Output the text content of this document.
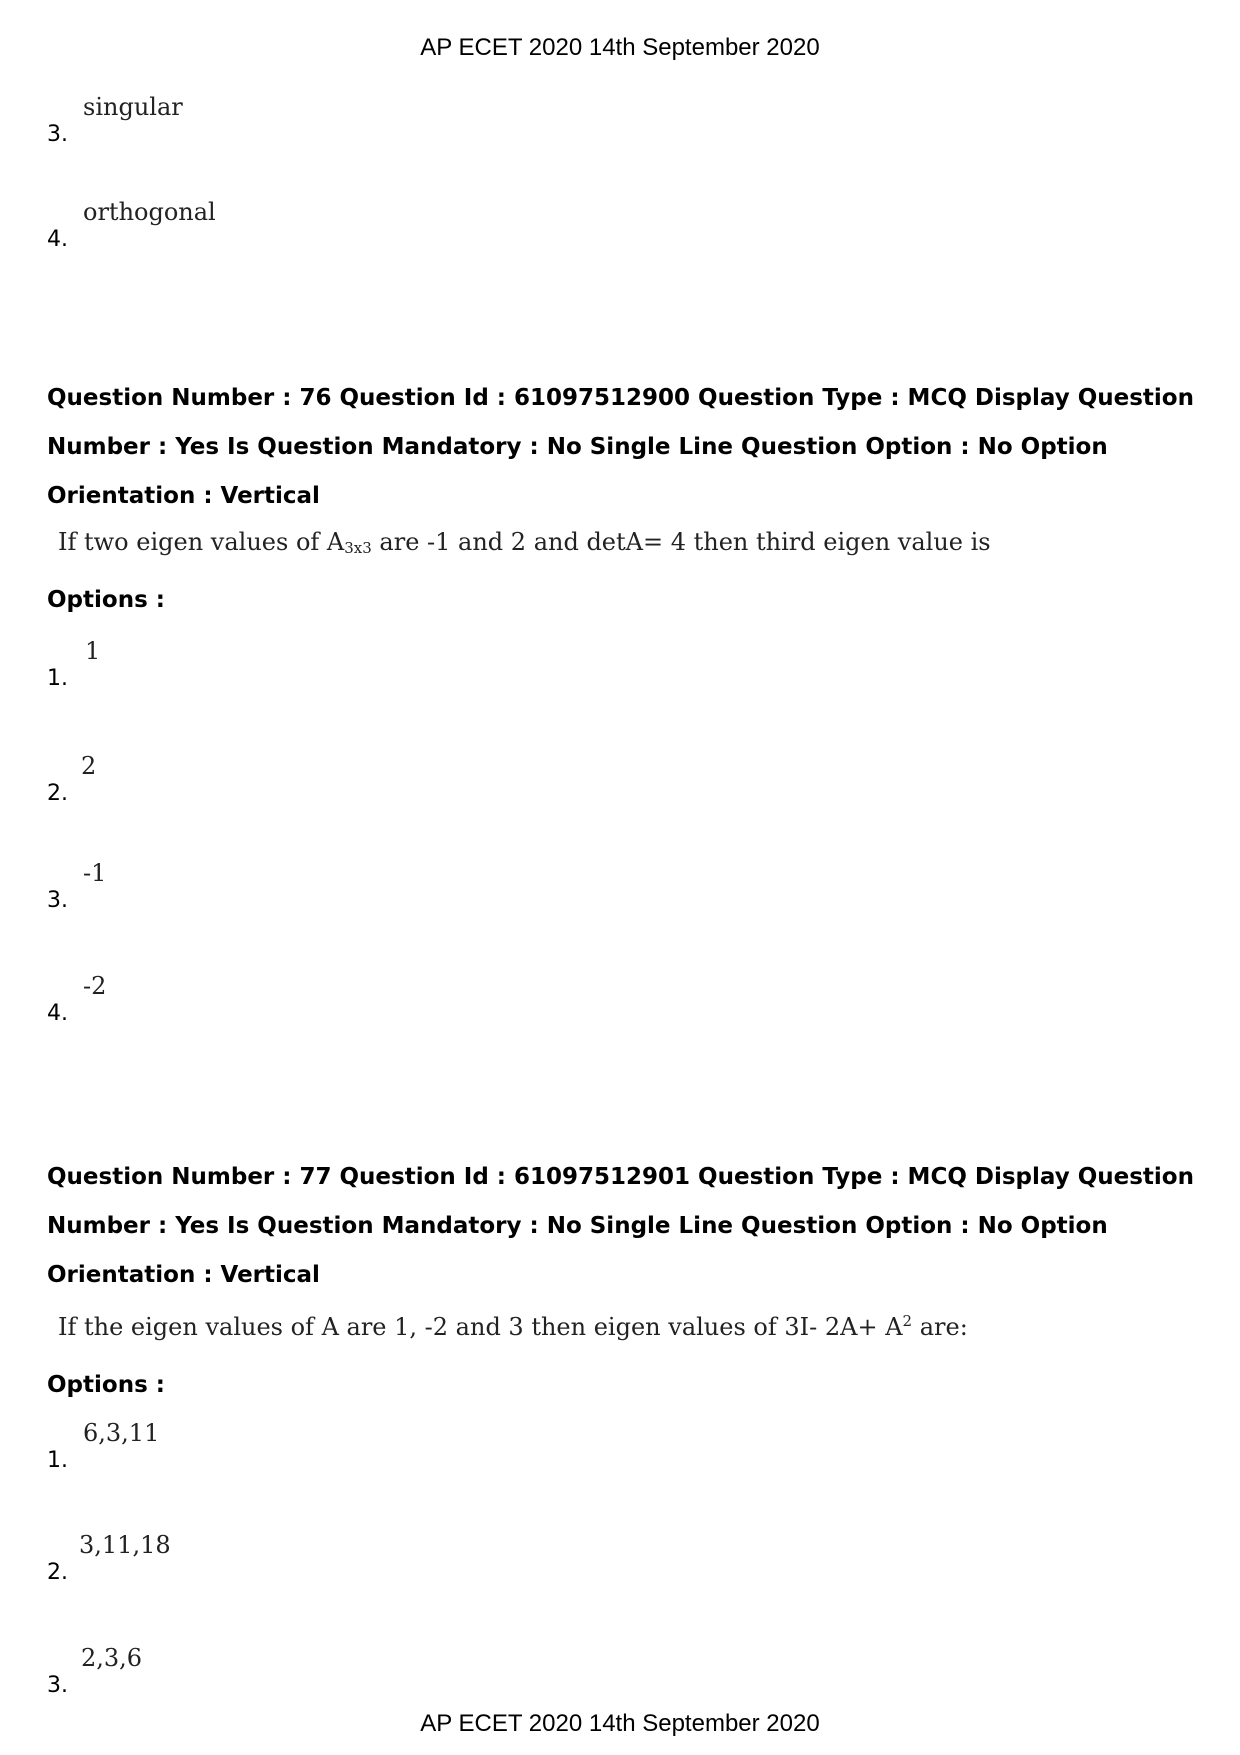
AP ECET 2020 14th September 2020
3.
singular
4.
orthogonal
Question Number : 76 Question Id : 61097512900 Question Type : MCQ Display Question
Number : Yes Is Question Mandatory : No Single Line Question Option : No Option
Orientation : Vertical
If two eigen values of $A_{3x3}$ are -1 and 2 and detA= 4 then third eigen value is
Options :
1.
1
2.
2
3.
-1
4.
-2
Question Number : 77 Question Id : 61097512901 Question Type : MCQ Display Question
Number : Yes Is Question Mandatory : No Single Line Question Option : No Option
Orientation : Vertical
If the eigen values of A are 1, -2 and 3 then eigen values of 3I- $2A+ A^2$ are:
Options :
1.
6,3,11
2.
3,11,18
3.
2,3,6
AP ECET 2020 14th September 2020
